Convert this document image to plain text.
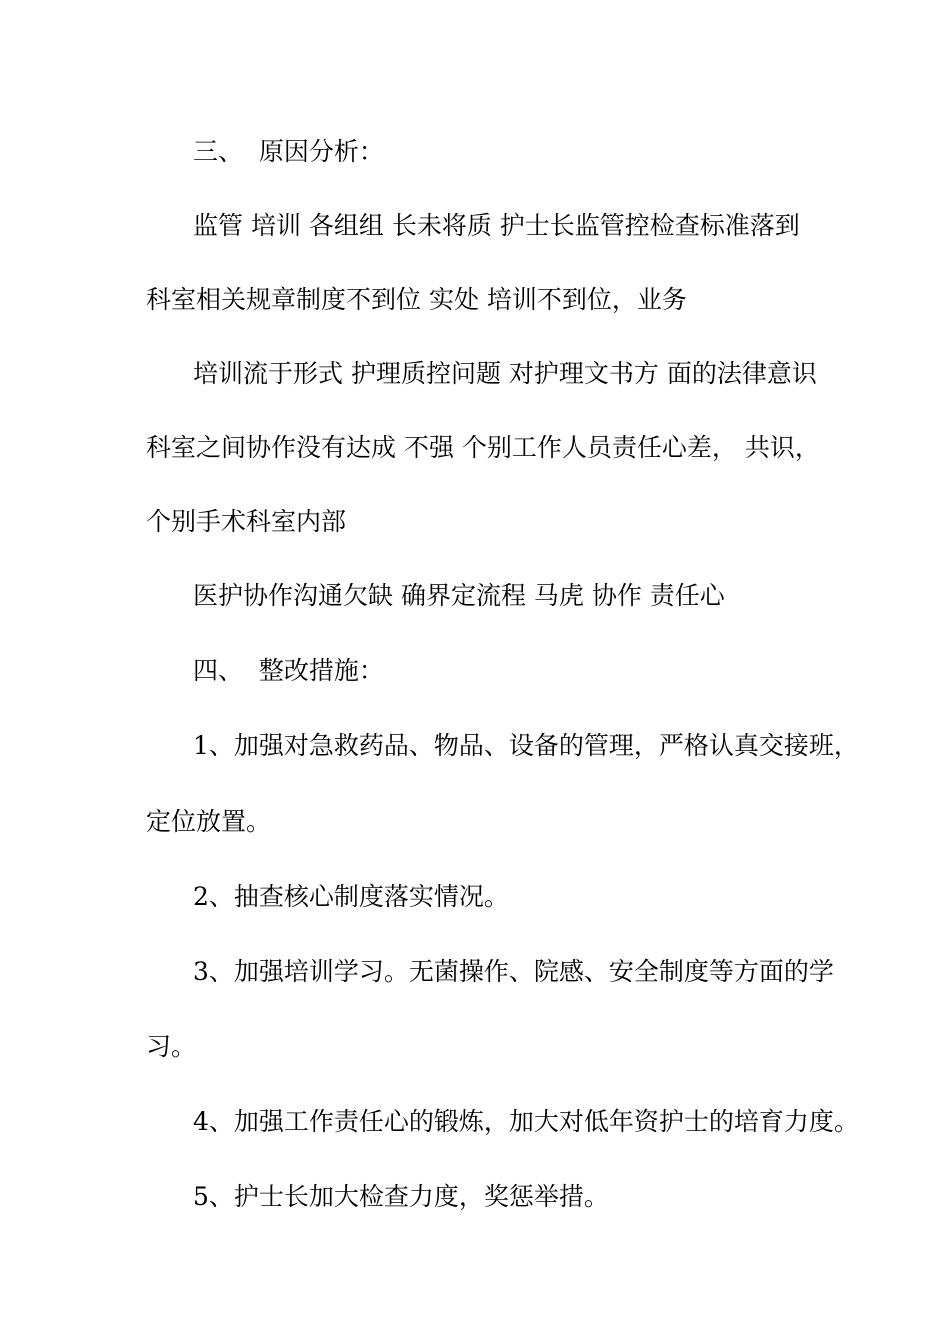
三、  原因分析：
监管 培训 各组组 长未将质 护士长监管控检查标准落到
科室相关规章制度不到位 实处 培训不到位，业务
培训流于形式 护理质控问题 对护理文书方 面的法律意识
科室之间协作没有达成 不强 个别工作人员责任心差， 共识，
个别手术科室内部
医护协作沟通欠缺 确界定流程 马虎 协作 责任心
四、  整改措施：
1、加强对急救药品、物品、设备的管理，严格认真交接班，
定位放置。
2、抽查核心制度落实情况。
3、加强培训学习。无菌操作、院感、安全制度等方面的学
习。
4、加强工作责任心的锻炼，加大对低年资护士的培育力度。
5、护士长加大检查力度，奖惩举措。
